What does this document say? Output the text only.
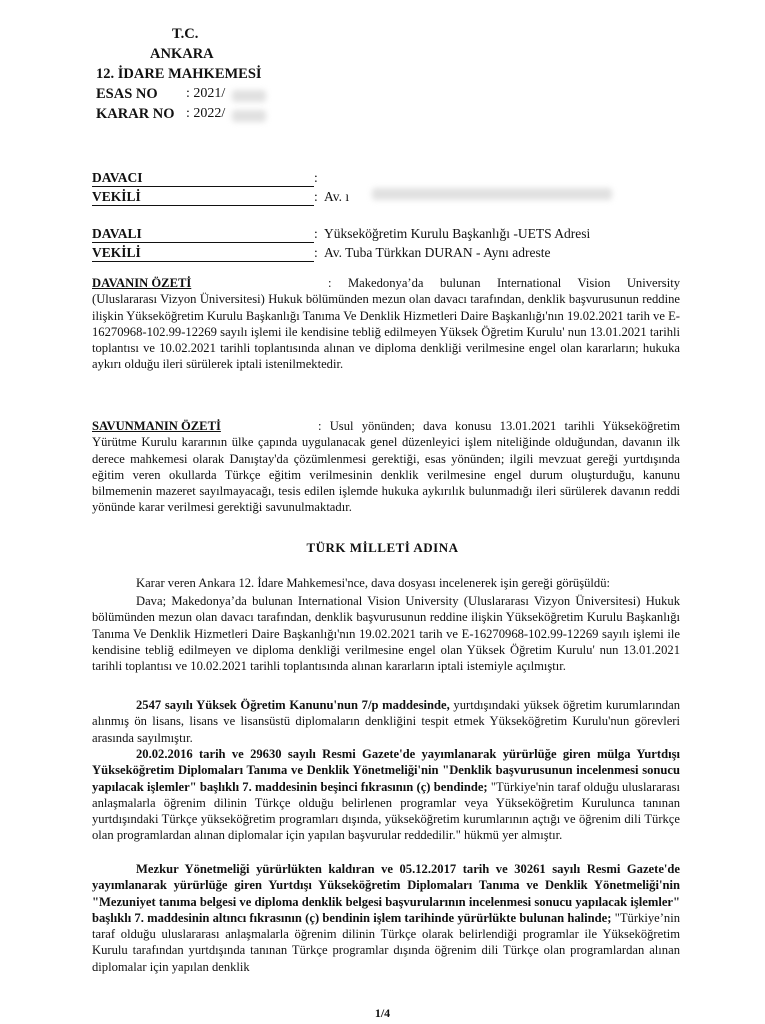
T.C.
ANKARA
12. İDARE MAHKEMESİ
ESAS NO : 2021/
KARAR NO : 2022/
DAVACI	:
VEKİLİ	: Av. ı
DAVALI	: Yükseköğretim Kurulu Başkanlığı -UETS Adresi
VEKİLİ	: Av. Tuba Türkkan DURAN - Aynı adreste
DAVANIN ÖZETİ	: Makedonya’da bulunan International Vision University (Uluslararası Vizyon Üniversitesi) Hukuk bölümünden mezun olan davacı tarafından, denklik başvurusunun reddine ilişkin Yükseköğretim Kurulu Başkanlığı Tanıma Ve Denklik Hizmetleri Daire Başkanlığı'nın 19.02.2021 tarih ve E-16270968-102.99-12269 sayılı işlemi ile kendisine tebliğ edilmeyen Yüksek Öğretim Kurulu' nun 13.01.2021 tarihli toplantısı ve 10.02.2021 tarihli toplantısında alınan ve diploma denkliği verilmesine engel olan kararların; hukuka aykırı olduğu ileri sürülerek iptali istenilmektedir.
SAVUNMANIN ÖZETİ	: Usul yönünden; dava konusu 13.01.2021 tarihli Yükseköğretim Yürütme Kurulu kararının ülke çapında uygulanacak genel düzenleyici işlem niteliğinde olduğundan, davanın ilk derece mahkemesi olarak Danıştay'da çözümlenmesi gerektiği, esas yönünden; ilgili mevzuat gereği yurtdışında eğitim veren okullarda Türkçe eğitim verilmesinin denklik verilmesine engel durum oluşturduğu, kanunu bilmemenin mazeret sayılmayacağı, tesis edilen işlemde hukuka aykırılık bulunmadığı ileri sürülerek davanın reddi yönünde karar verilmesi gerektiği savunulmaktadır.
TÜRK MİLLETİ ADINA
Karar veren Ankara 12. İdare Mahkemesi'nce, dava dosyası incelenerek işin gereği görüşüldü:
Dava; Makedonya’da bulunan International Vision University (Uluslararası Vizyon Üniversitesi) Hukuk bölümünden mezun olan davacı tarafından, denklik başvurusunun reddine ilişkin Yükseköğretim Kurulu Başkanlığı Tanıma Ve Denklik Hizmetleri Daire Başkanlığı'nın 19.02.2021 tarih ve E-16270968-102.99-12269 sayılı işlemi ile kendisine tebliğ edilmeyen ve diploma denkliği verilmesine engel olan Yüksek Öğretim Kurulu' nun 13.01.2021 tarihli toplantısı ve 10.02.2021 tarihli toplantısında alınan kararların iptali istemiyle açılmıştır.
2547 sayılı Yüksek Öğretim Kanunu'nun 7/p maddesinde, yurtdışındaki yüksek öğretim kurumlarından alınmış ön lisans, lisans ve lisansüstü diplomaların denkliğini tespit etmek Yükseköğretim Kurulu'nun görevleri arasında sayılmıştır.
20.02.2016 tarih ve 29630 sayılı Resmi Gazete'de yayımlanarak yürürlüğe giren mülga Yurtdışı Yükseköğretim Diplomaları Tanıma ve Denklik Yönetmeliği'nin "Denklik başvurusunun incelenmesi sonucu yapılacak işlemler" başlıklı 7. maddesinin beşinci fıkrasının (ç) bendinde; "Türkiye'nin taraf olduğu uluslararası anlaşmalarla öğrenim dilinin Türkçe olduğu belirlenen programlar veya Yükseköğretim Kurulunca tanınan yurtdışındaki Türkçe yükseköğretim programları dışında, yükseköğretim kurumlarının açtığı ve öğrenim dili Türkçe olan programlardan alınan diplomalar için yapılan başvurular reddedilir." hükmü yer almıştır.
Mezkur Yönetmeliği yürürlükten kaldıran ve 05.12.2017 tarih ve 30261 sayılı Resmi Gazete'de yayımlanarak yürürlüğe giren Yurtdışı Yükseköğretim Diplomaları Tanıma ve Denklik Yönetmeliği'nin "Mezuniyet tanıma belgesi ve diploma denklik belgesi başvurularının incelenmesi sonucu yapılacak işlemler" başlıklı 7. maddesinin altıncı fıkrasının (ç) bendinin işlem tarihinde yürürlükte bulunan halinde; "Türkiye’nin taraf olduğu uluslararası anlaşmalarla öğrenim dilinin Türkçe olarak belirlendiği programlar ile Yükseköğretim Kurulu tarafından yurtdışında tanınan Türkçe programlar dışında öğrenim dili Türkçe olan programlardan alınan diplomalar için yapılan denklik
1/4
